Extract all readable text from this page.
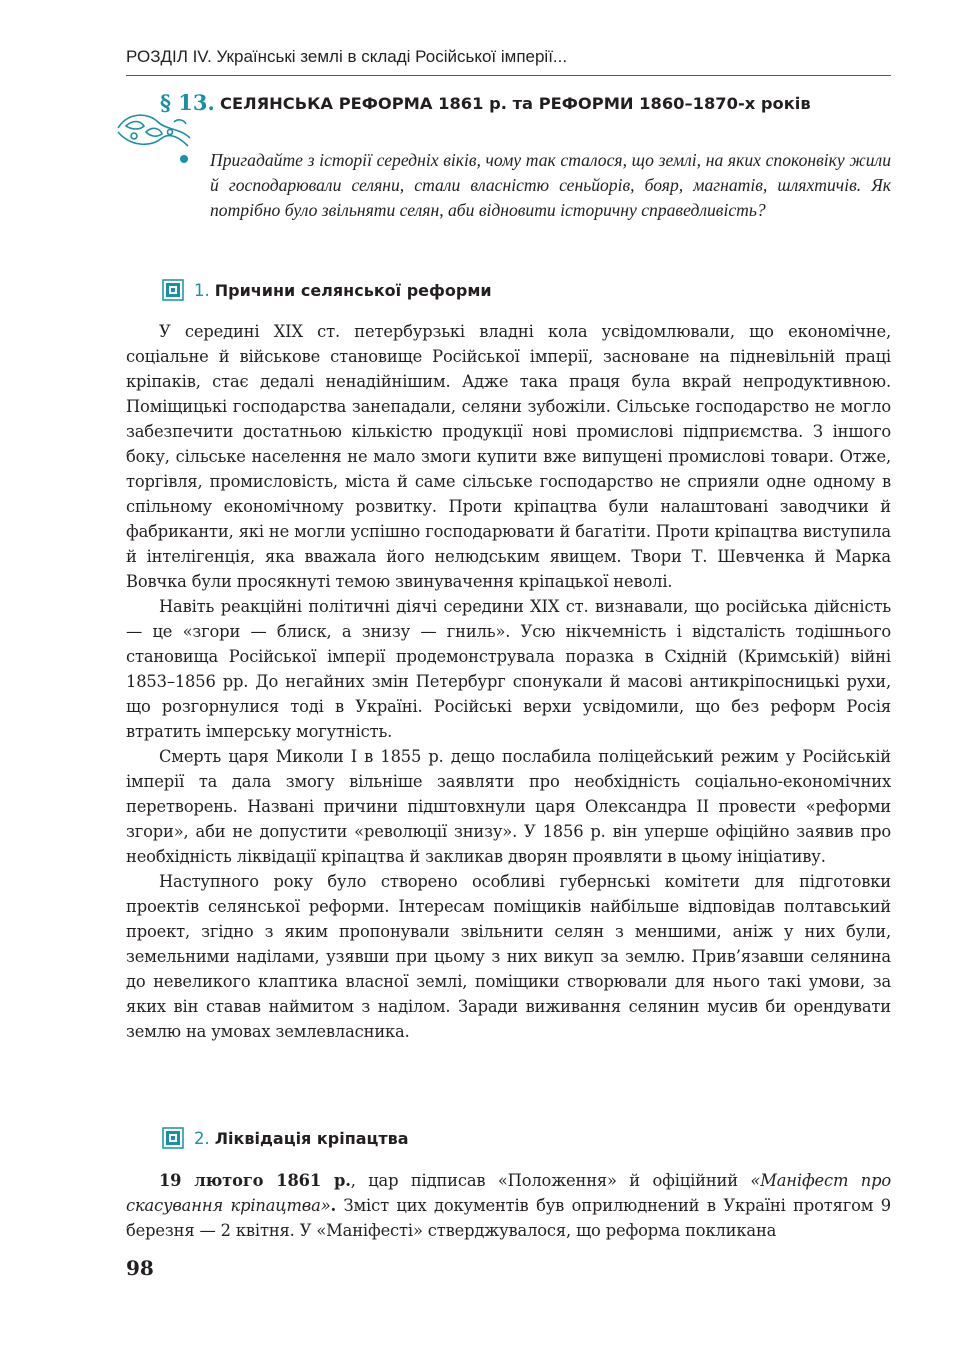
РОЗДІЛ IV. Українські землі в складі Російської імперії...
§ 13. СЕЛЯНСЬКА РЕФОРМА 1861 р. та РЕФОРМИ 1860–1870-х років
Пригадайте з історії середніх віків, чому так сталося, що землі, на яких споконвіку жили й господарювали селяни, стали власністю сеньйорів, бояр, магнатів, шляхтичів. Як потрібно було звільняти селян, аби відновити історичну справедливість?
1. Причини селянської реформи

У середині XIX ст. петербурзькі владні кола усвідомлювали, що економічне, соціальне й військове становище Російської імперії, засноване на підневільній праці кріпаків, стає дедалі ненадійнішим. Адже така праця була вкрай непродуктивною. Поміщицькі господарства занепадали, селяни зубожіли. Сільське господарство не могло забезпечити достатньою кількістю продукції нові промислові підприємства. З іншого боку, сільське населення не мало змоги купити вже випущені промислові товари. Отже, торгівля, промисловість, міста й саме сільське господарство не сприяли одне одному в спільному економічному розвитку. Проти кріпацтва були налаштовані заводчики й фабриканти, які не могли успішно господарювати й багатіти. Проти кріпацтва виступила й інтелігенція, яка вважала його нелюдським явищем. Твори Т. Шевченка й Марка Вовчка були просякнуті темою звинувачення кріпацької неволі.

Навіть реакційні політичні діячі середини XIX ст. визнавали, що російська дійсність — це «згори — блиск, а знизу — гниль». Усю нікчемність і відсталість тодішнього становища Російської імперії продемонструвала поразка в Східній (Кримській) війні 1853–1856 рр. До негайних змін Петербург спонукали й масові антикріпосницькі рухи, що розгорнулися тоді в Україні. Російські верхи усвідомили, що без реформ Росія втратить імперську могутність.

Смерть царя Миколи I в 1855 р. дещо послабила поліцейський режим у Російській імперії та дала змогу вільніше заявляти про необхідність соціально-економічних перетворень. Названі причини підштовхнули царя Олександра II провести «реформи згори», аби не допустити «революції знизу». У 1856 р. він уперше офіційно заявив про необхідність ліквідації кріпацтва й закликав дворян проявляти в цьому ініціативу.

Наступного року було створено особливі губернські комітети для підготовки проектів селянської реформи. Інтересам поміщиків найбільше відповідав полтавський проект, згідно з яким пропонували звільнити селян з меншими, аніж у них були, земельними наділами, узявши при цьому з них викуп за землю. Прив’язавши селянина до невеликого клаптика власної землі, поміщики створювали для нього такі умови, за яких він ставав наймитом з наділом. Заради виживання селянин мусив би орендувати землю на умовах землевласника.

2. Ліквідація кріпацтва

19 лютого 1861 р., цар підписав «Положення» й офіційний «Маніфест про скасування кріпацтва». Зміст цих документів був оприлюднений в Україні протягом 9 березня — 2 квітня. У «Маніфесті» стверджувалося, що реформа покликана

98
